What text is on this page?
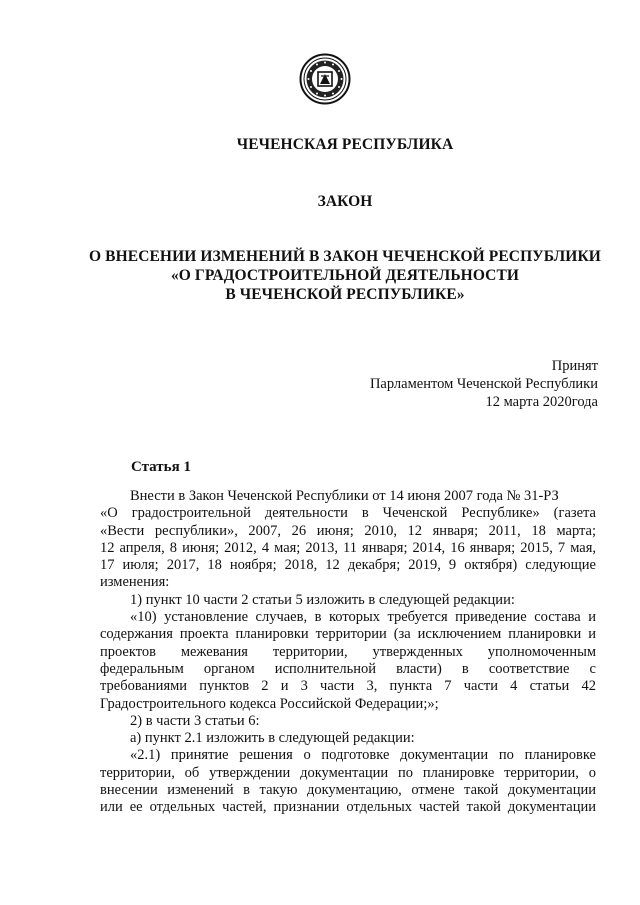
ЧЕЧЕНСКАЯ РЕСПУБЛИКА
ЗАКОН
О ВНЕСЕНИИ ИЗМЕНЕНИЙ В ЗАКОН ЧЕЧЕНСКОЙ РЕСПУБЛИКИ
«О ГРАДОСТРОИТЕЛЬНОЙ ДЕЯТЕЛЬНОСТИ
В ЧЕЧЕНСКОЙ РЕСПУБЛИКЕ»
Принят
Парламентом Чеченской Республики
12 марта 2020года
Статья 1
Внести в Закон Чеченской Республики от 14 июня 2007 года № 31-РЗ
«О градостроительной деятельности в Чеченской Республике» (газета
«Вести республики», 2007, 26 июня; 2010, 12 января; 2011, 18 марта;
12 апреля, 8 июня; 2012, 4 мая; 2013, 11 января; 2014, 16 января; 2015, 7 мая,
17 июля; 2017, 18 ноября; 2018, 12 декабря; 2019, 9 октября) следующие
изменения:
1) пункт 10 части 2 статьи 5 изложить в следующей редакции:
«10) установление случаев, в которых требуется приведение состава и
содержания проекта планировки территории (за исключением планировки и
проектов межевания территории, утвержденных уполномоченным
федеральным органом исполнительной власти) в соответствие с
требованиями пунктов 2 и 3 части 3, пункта 7 части 4 статьи 42
Градостроительного кодекса Российской Федерации;»;
2) в части 3 статьи 6:
а) пункт 2.1 изложить в следующей редакции:
«2.1) принятие решения о подготовке документации по планировке
территории, об утверждении документации по планировке территории, о
внесении изменений в такую документацию, отмене такой документации
или ее отдельных частей, признании отдельных частей такой документации
